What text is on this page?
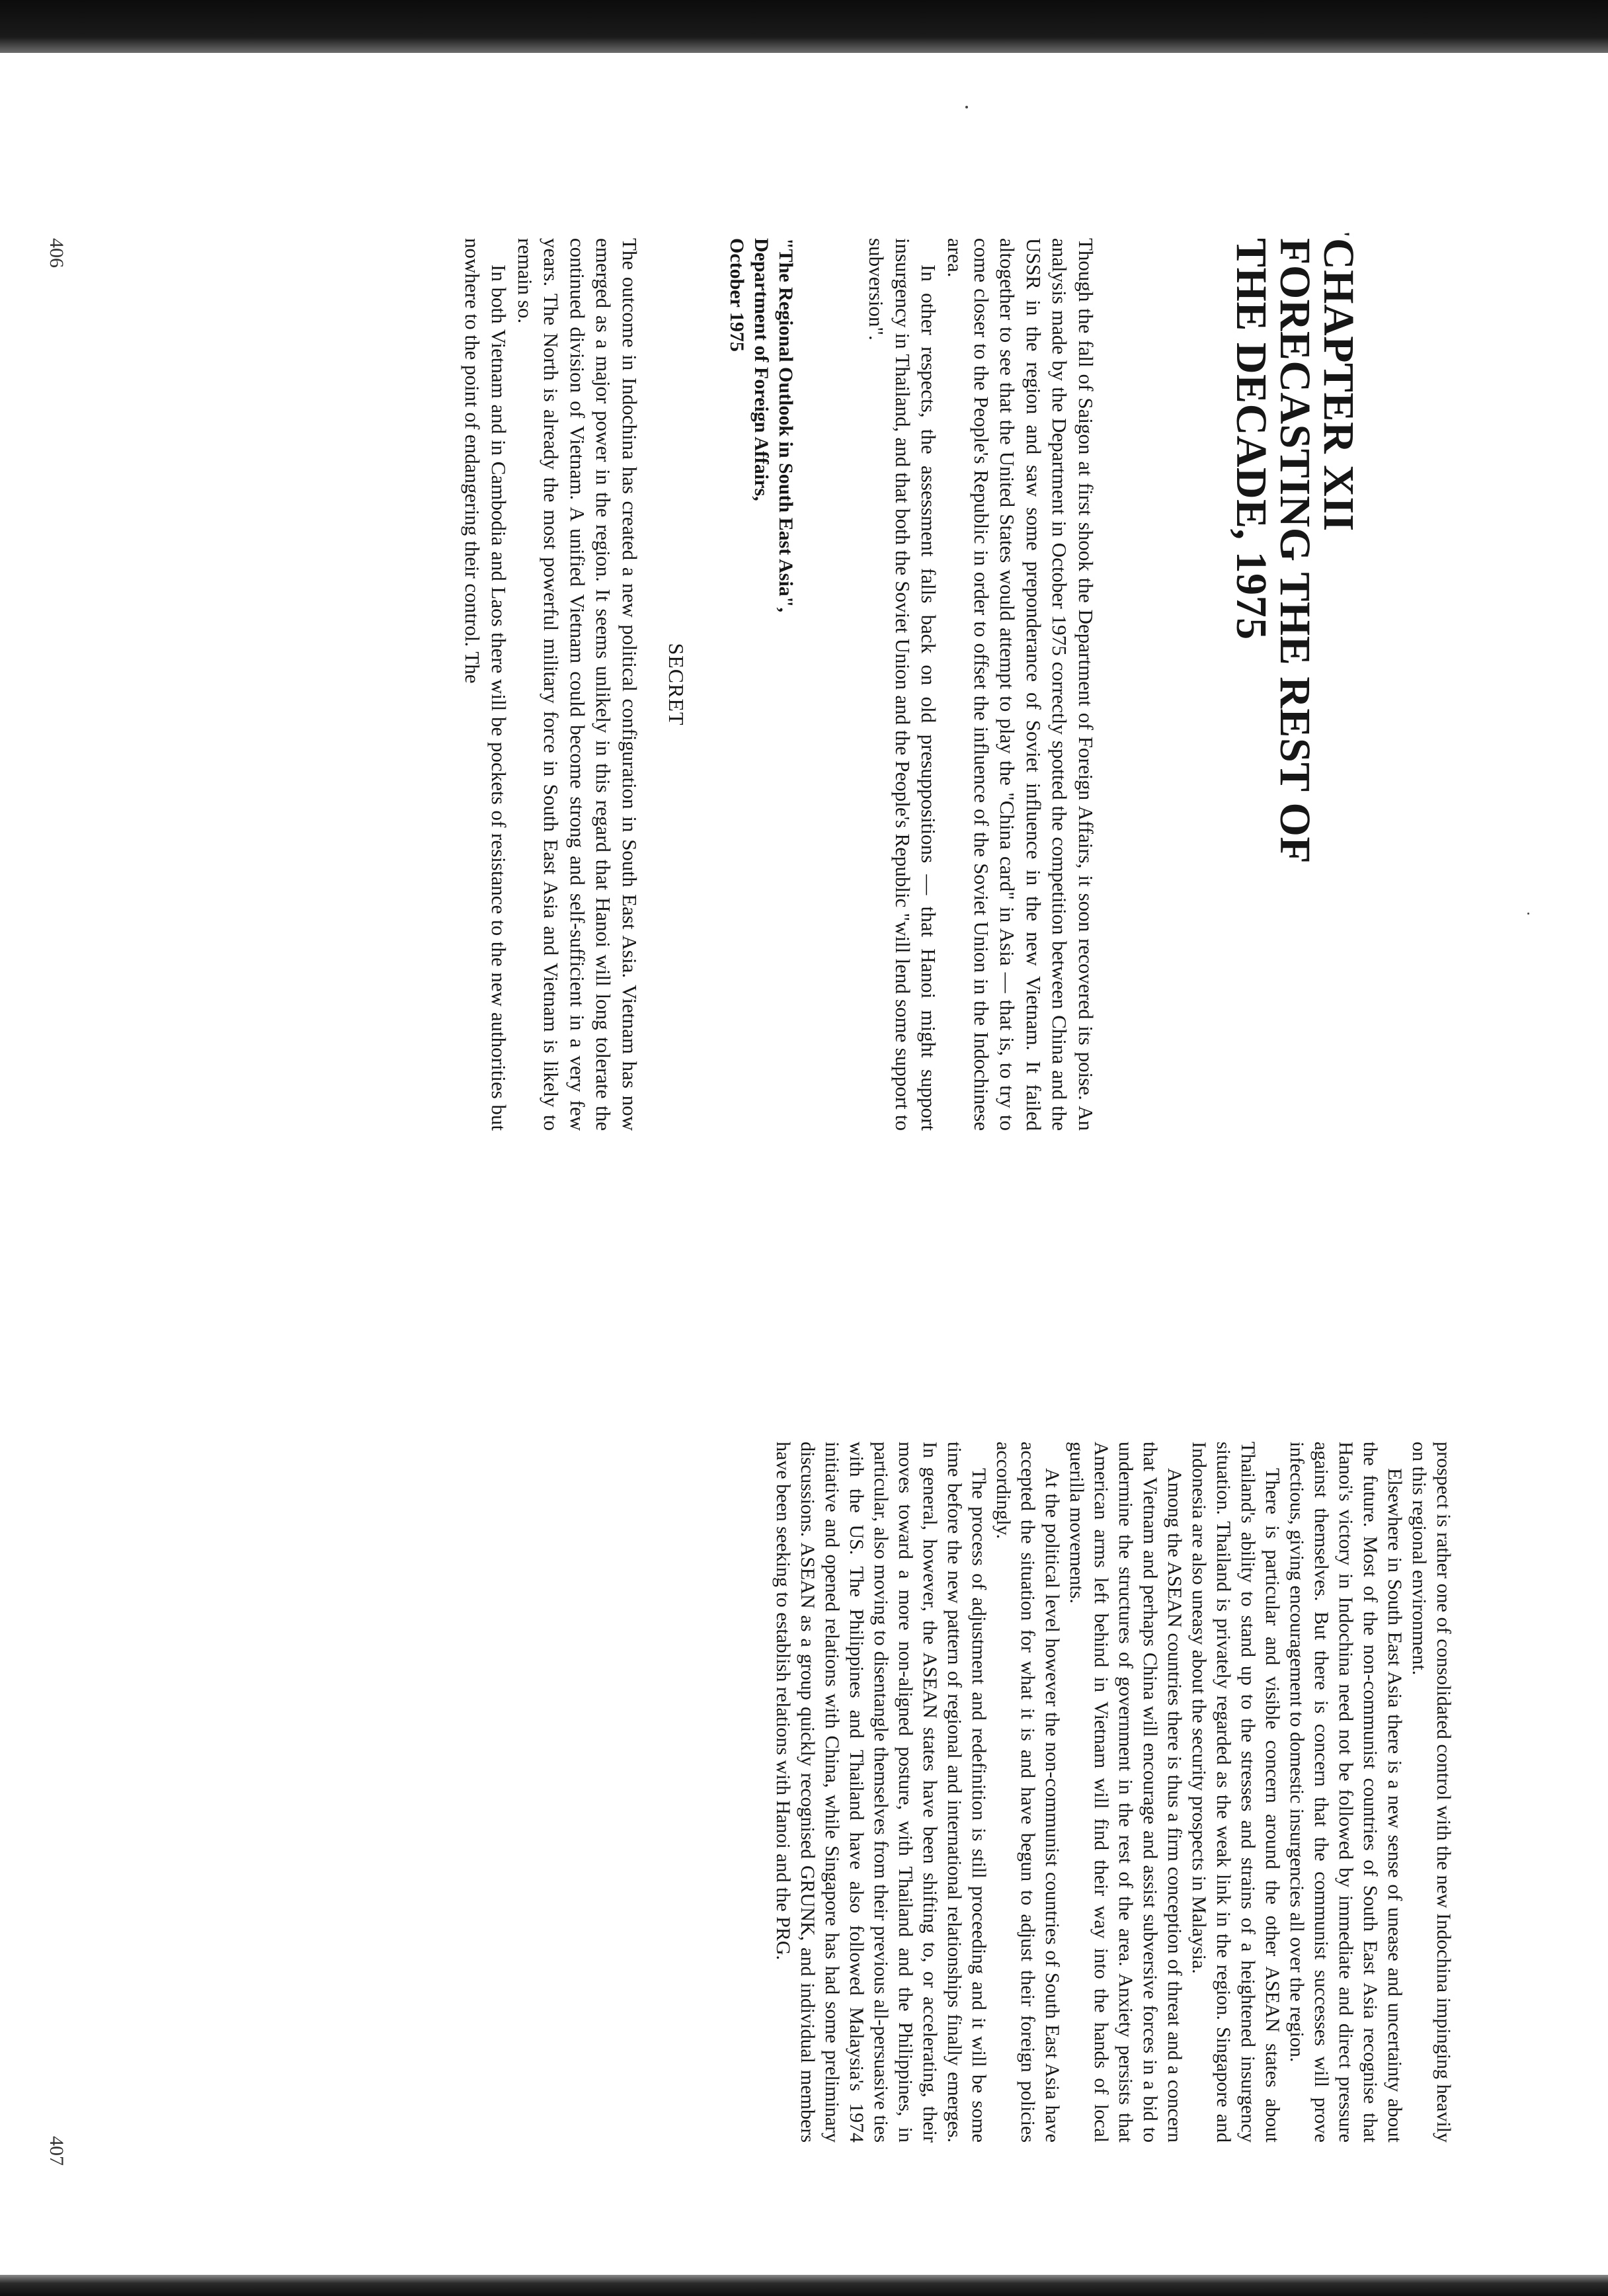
'
CHAPTER XII
FORECASTING THE REST OF
THE DECADE, 1975

Though the fall of Saigon at first shook the Department of Foreign Affairs, it soon recovered its poise. An analysis made by the Department in October 1975 correctly spotted the competition between China and the USSR in the region and saw some preponderance of Soviet influence in the new Vietnam. It failed altogether to see that the United States would attempt to play the "China card" in Asia — that is, to try to come closer to the People's Republic in order to offset the influence of the Soviet Union in the Indochinese area.

In other respects, the assessment falls back on old presuppositions — that Hanoi might support insurgency in Thailand, and that both the Soviet Union and the People's Republic "will lend some support to subversion".

"The Regional Outlook in South East Asia",
Department of Foreign Affairs,
October 1975
SECRET

The outcome in Indochina has created a new political configuration in South East Asia. Vietnam has now emerged as a major power in the region. It seems unlikely in this regard that Hanoi will long tolerate the continued division of Vietnam. A unified Vietnam could become strong and self-sufficient in a very few years. The North is already the most powerful military force in South East Asia and Vietnam is likely to remain so.

In both Vietnam and in Cambodia and Laos there will be pockets of resistance to the new authorities but nowhere to the point of endangering their control. The

406

prospect is rather one of consolidated control with the new Indochina impinging heavily on this regional environment.

Elsewhere in South East Asia there is a new sense of unease and uncertainty about the future. Most of the non-communist countries of South East Asia recognise that Hanoi's victory in Indochina need not be followed by immediate and direct pressure against themselves. But there is concern that the communist successes will prove infectious, giving encouragement to domestic insurgencies all over the region.

There is particular and visible concern around the other ASEAN states about Thailand's ability to stand up to the stresses and strains of a heightened insurgency situation. Thailand is privately regarded as the weak link in the region. Singapore and Indonesia are also uneasy about the security prospects in Malaysia.

Among the ASEAN countries there is thus a firm conception of threat and a concern that Vietnam and perhaps China will encourage and assist subversive forces in a bid to undermine the structures of government in the rest of the area. Anxiety persists that American arms left behind in Vietnam will find their way into the hands of local guerilla movements.

At the political level however the non-communist countries of South East Asia have accepted the situation for what it is and have begun to adjust their foreign policies accordingly.

The process of adjustment and redefinition is still proceeding and it will be some time before the new pattern of regional and international relationships finally emerges. In general, however, the ASEAN states have been shifting to, or accelerating, their moves toward a more non-aligned posture, with Thailand and the Philippines, in particular, also moving to disentangle themselves from their previous all-persuasive ties with the US. The Philippines and Thailand have also followed Malaysia's 1974 initiative and opened relations with China, while Singapore has had some preliminary discussions. ASEAN as a group quickly recognised GRUNK, and individual members have been seeking to establish relations with Hanoi and the PRG.

407
